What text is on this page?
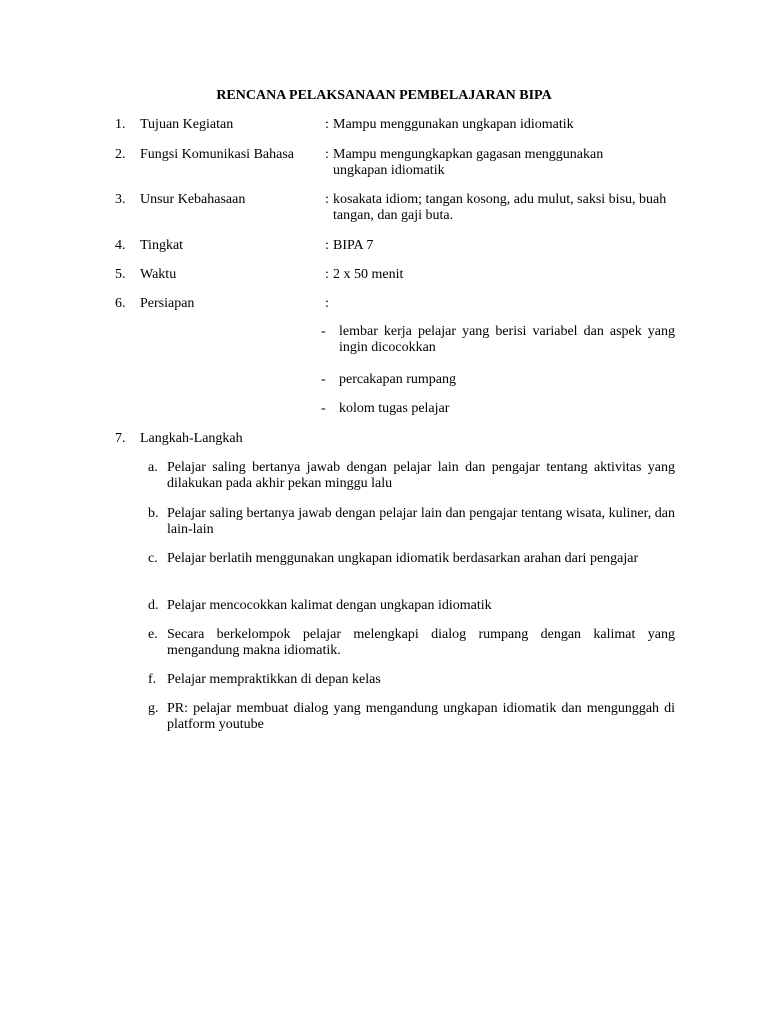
RENCANA PELAKSANAAN PEMBELAJARAN BIPA
1. Tujuan Kegiatan	: Mampu menggunakan ungkapan idiomatik
2. Fungsi Komunikasi Bahasa : Mampu mengungkapkan gagasan menggunakan ungkapan idiomatik
3. Unsur Kebahasaan	: kosakata idiom; tangan kosong, adu mulut, saksi bisu, buah tangan, dan gaji buta.
4. Tingkat	: BIPA 7
5. Waktu	: 2 x 50 menit
6. Persiapan	:
- lembar kerja pelajar yang berisi variabel dan aspek yang ingin dicocokkan
- percakapan rumpang
- kolom tugas pelajar
7. Langkah-Langkah
a. Pelajar saling bertanya jawab dengan pelajar lain dan pengajar tentang aktivitas yang dilakukan pada akhir pekan minggu lalu
b. Pelajar saling bertanya jawab dengan pelajar lain dan pengajar tentang wisata, kuliner, dan lain-lain
c. Pelajar berlatih menggunakan ungkapan idiomatik berdasarkan arahan dari pengajar
d. Pelajar mencocokkan kalimat dengan ungkapan idiomatik
e. Secara berkelompok pelajar melengkapi dialog rumpang dengan kalimat yang mengandung makna idiomatik.
f. Pelajar mempraktikkan di depan kelas
g. PR: pelajar membuat dialog yang mengandung ungkapan idiomatik dan mengunggah di platform youtube
